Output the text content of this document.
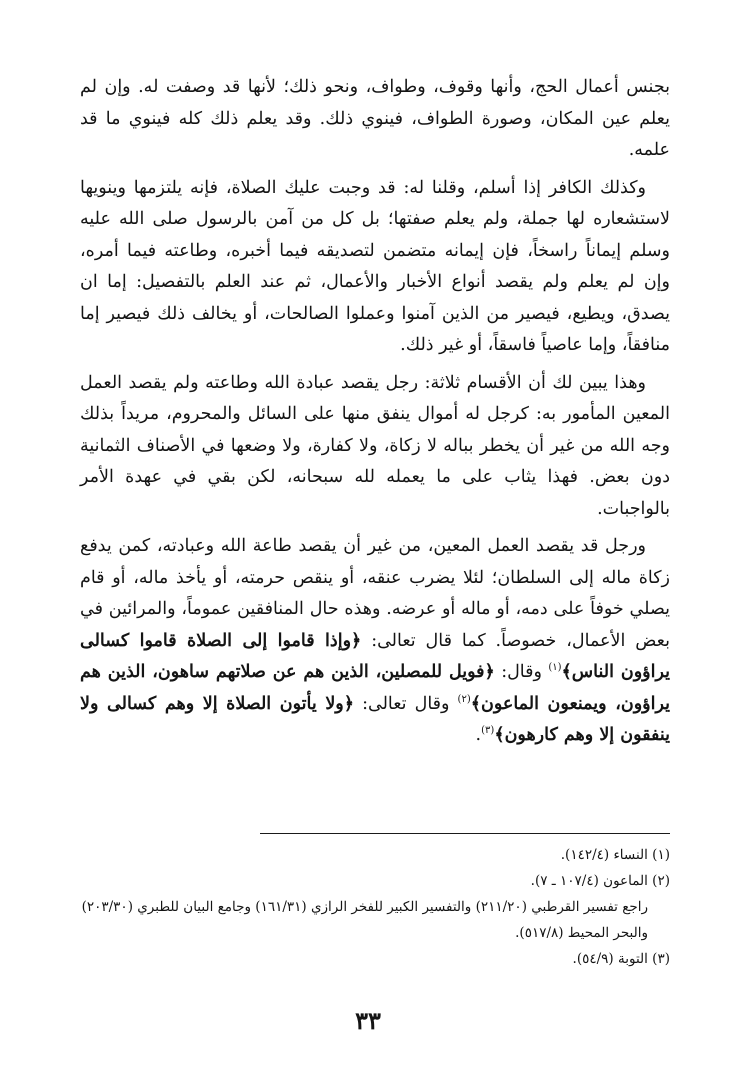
بجنس أعمال الحج، وأنها وقوف، وطواف، ونحو ذلك؛ لأنها قد وصفت له. وإن لم يعلم عين المكان، وصورة الطواف، فينوي ذلك. وقد يعلم ذلك كله فينوي ما قد علمه.

وكذلك الكافر إذا أسلم، وقلنا له: قد وجبت عليك الصلاة، فإنه يلتزمها وينويها لاستشعاره لها جملة، ولم يعلم صفتها؛ بل كل من آمن بالرسول صلى الله عليه وسلم إيماناً راسخاً، فإن إيمانه متضمن لتصديقه فيما أخبره، وطاعته فيما أمره، وإن لم يعلم ولم يقصد أنواع الأخبار والأعمال، ثم عند العلم بالتفصيل: إما ان يصدق، ويطيع، فيصير من الذين آمنوا وعملوا الصالحات، أو يخالف ذلك فيصير إما منافقاً، وإما عاصياً فاسقاً، أو غير ذلك.

وهذا يبين لك أن الأقسام ثلاثة: رجل يقصد عبادة الله وطاعته ولم يقصد العمل المعين المأمور به: كرجل له أموال ينفق منها على السائل والمحروم، مريداً بذلك وجه الله من غير أن يخطر بباله لا زكاة، ولا كفارة، ولا وضعها في الأصناف الثمانية دون بعض. فهذا يثاب على ما يعمله لله سبحانه، لكن بقي في عهدة الأمر بالواجبات.

ورجل قد يقصد العمل المعين، من غير أن يقصد طاعة الله وعبادته، كمن يدفع زكاة ماله إلى السلطان؛ لئلا يضرب عنقه، أو ينقص حرمته، أو يأخذ ماله، أو قام يصلي خوفاً على دمه، أو ماله أو عرضه. وهذه حال المنافقين عموماً، والمرائين في بعض الأعمال، خصوصاً. كما قال تعالى: ﴿وإذا قاموا إلى الصلاة قاموا كسالى يراؤون الناس﴾$^{(١)}$ وقال: ﴿فويل للمصلين، الذين هم عن صلاتهم ساهون، الذين هم يراؤون، ويمنعون الماعون﴾$^{(٢)}$ وقال تعالى: ﴿ولا يأتون الصلاة إلا وهم كسالى ولا ينفقون إلا وهم كارهون﴾$^{(٣)}$.

(١) النساء (١٤٢/٤).

(٢) الماعون (١٠٧/٤ ـ ٧).

راجع تفسير القرطبي (٢١١/٢٠) والتفسير الكبير للفخر الرازي (١٦١/٣١) وجامع البيان للطبري (٢٠٣/٣٠) والبحر المحيط (٥١٧/٨).

(٣) التوبة (٥٤/٩).

٣٣
